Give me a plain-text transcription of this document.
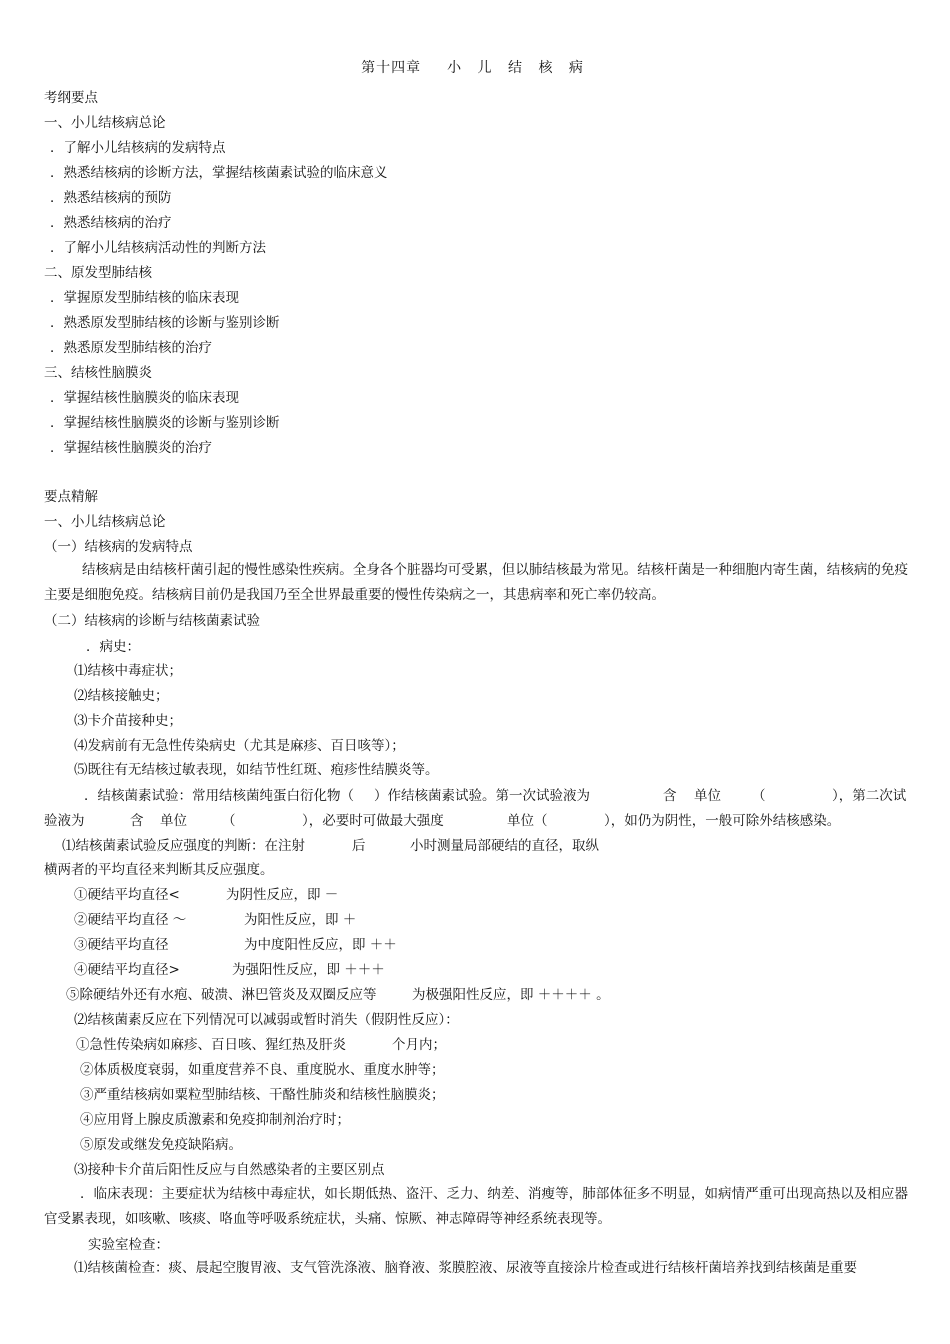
第十四章 小 儿 结 核 病
考纲要点
一、小儿结核病总论
．了解小儿结核病的发病特点
．熟悉结核病的诊断方法，掌握结核菌素试验的临床意义
．熟悉结核病的预防
．熟悉结核病的治疗
．了解小儿结核病活动性的判断方法
二、原发型肺结核
．掌握原发型肺结核的临床表现
．熟悉原发型肺结核的诊断与鉴别诊断
．熟悉原发型肺结核的治疗
三、结核性脑膜炎
．掌握结核性脑膜炎的临床表现
．掌握结核性脑膜炎的诊断与鉴别诊断
．掌握结核性脑膜炎的治疗
要点精解
一、小儿结核病总论
（一）结核病的发病特点
结核病是由结核杆菌引起的慢性感染性疾病。全身各个脏器均可受累，但以肺结核最为常见。结核杆菌是一种细胞内寄生菌，结核病的免疫主要是细胞免疫。结核病目前仍是我国乃至全世界最重要的慢性传染病之一，其患病率和死亡率仍较高。
（二）结核病的诊断与结核菌素试验
．病史：
⑴结核中毒症状；
⑵结核接触史；
⑶卡介苗接种史；
⑷发病前有无急性传染病史（尤其是麻疹、百日咳等）；
⑸既往有无结核过敏表现，如结节性红斑、疱疹性结膜炎等。
．结核菌素试验：常用结核菌纯蛋白衍化物（ ）作结核菌素试验。第一次试验液为	含 单位 （	），第二次试
验液为	含 单位	（	），必要时可做最大强度	单位（	），如仍为阴性，一般可除外结核感染。
⑴结核菌素试验反应强度的判断：在注射	后	小时测量局部硬结的直径，取纵
横两者的平均直径来判断其反应强度。
①硬结平均直径<	为阴性反应，即 －
②硬结平均直径 ～	为阳性反应，即 ＋
③硬结平均直径	为中度阳性反应，即 ＋＋
④硬结平均直径>	为强阳性反应，即 ＋＋＋
⑤除硬结外还有水疱、破溃、淋巴管炎及双圈反应等	为极强阳性反应，即 ＋＋＋＋ 。
⑵结核菌素反应在下列情况可以减弱或暂时消失（假阴性反应）：
①急性传染病如麻疹、百日咳、猩红热及肝炎	个月内；
②体质极度衰弱，如重度营养不良、重度脱水、重度水肿等；
③严重结核病如粟粒型肺结核、干酪性肺炎和结核性脑膜炎；
④应用肾上腺皮质激素和免疫抑制剂治疗时；
⑤原发或继发免疫缺陷病。
⑶接种卡介苗后阳性反应与自然感染者的主要区别点
．临床表现：主要症状为结核中毒症状，如长期低热、盗汗、乏力、纳差、消瘦等，肺部体征多不明显，如病情严重可出现高热以及相应器官受累表现，如咳嗽、咳痰、咯血等呼吸系统症状，头痛、惊厥、神志障碍等神经系统表现等。
实验室检查：
⑴结核菌检查：痰、晨起空腹胃液、支气管洗涤液、脑脊液、浆膜腔液、尿液等直接涂片检查或进行结核杆菌培养找到结核菌是重要
